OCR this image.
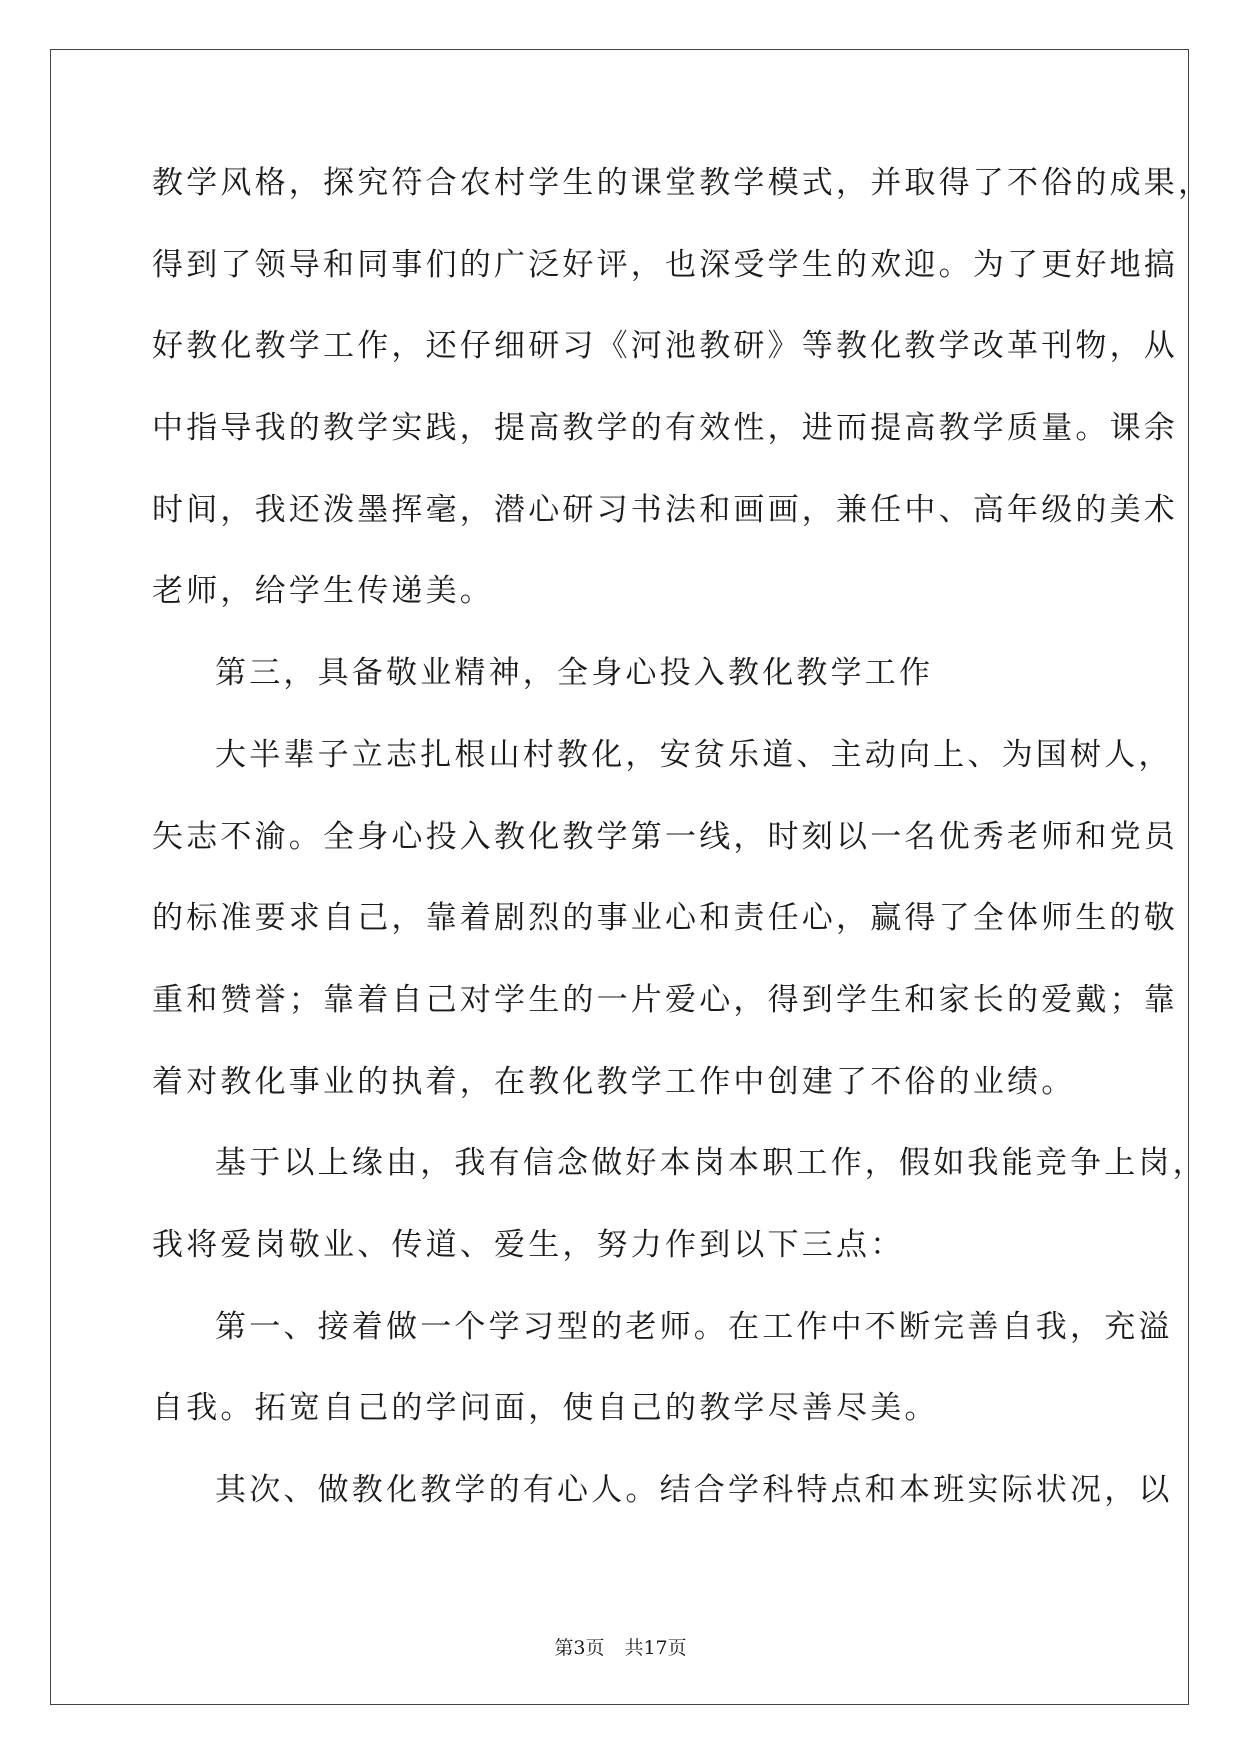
教学风格，探究符合农村学生的课堂教学模式，并取得了不俗的成果，
得到了领导和同事们的广泛好评，也深受学生的欢迎。为了更好地搞
好教化教学工作，还仔细研习《河池教研》等教化教学改革刊物，从
中指导我的教学实践，提高教学的有效性，进而提高教学质量。课余
时间，我还泼墨挥毫，潜心研习书法和画画，兼任中、高年级的美术
老师，给学生传递美。
第三，具备敬业精神，全身心投入教化教学工作
大半辈子立志扎根山村教化，安贫乐道、主动向上、为国树人，
矢志不渝。全身心投入教化教学第一线，时刻以一名优秀老师和党员
的标准要求自己，靠着剧烈的事业心和责任心，赢得了全体师生的敬
重和赞誉；靠着自己对学生的一片爱心，得到学生和家长的爱戴；靠
着对教化事业的执着，在教化教学工作中创建了不俗的业绩。
基于以上缘由，我有信念做好本岗本职工作，假如我能竞争上岗，
我将爱岗敬业、传道、爱生，努力作到以下三点：
第一、接着做一个学习型的老师。在工作中不断完善自我，充溢
自我。拓宽自己的学问面，使自己的教学尽善尽美。
其次、做教化教学的有心人。结合学科特点和本班实际状况，以
第3页 共17页
